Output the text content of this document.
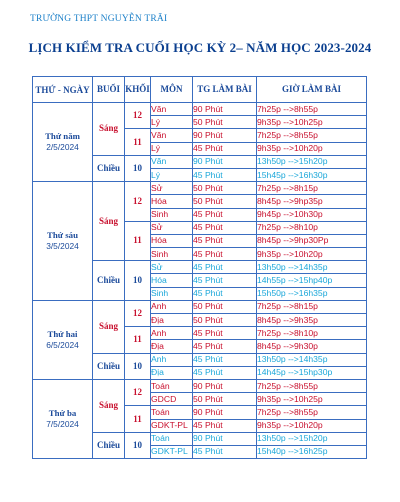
TRƯỜNG THPT NGUYỄN TRÃI
LỊCH KIỂM TRA CUỐI HỌC KỲ 2– NĂM HỌC 2023-2024
THỨ - NGÀY	BUỔI	KHỐI	MÔN	TG LÀM BÀI	GIỜ LÀM BÀI

Thứ năm
2/5/2024	Sáng	12	Văn	90 Phút	7h25p -->8h55p
			Lý	50 Phút	9h35p -->10h25p
		11	Văn	90 Phút	7h25p -->8h55p
			Lý	45 Phút	9h35p -->10h20p
	Chiều	10	Văn	90 Phút	13h50p -->15h20p
			Lý	45 Phút	15h45p -->16h30p

Thứ sáu
3/5/2024	Sáng	12	Sử	50 Phút	7h25p -->8h15p
			Hóa	50 Phút	8h45p -->9hp35p
			Sinh	45 Phút	9h45p -->10h30p
		11	Sử	45 Phút	7h25p -->8h10p
			Hóa	45 Phút	8h45p -->9hp30Pp
			Sinh	45 Phút	9h35p -->10h20p
	Chiều	10	Sử	45 Phút	13h50p -->14h35p
			Hóa	45 Phút	14h55p -->15hp40p
			Sinh	45 Phút	15h50p -->16h35p

Thứ hai
6/5/2024	Sáng	12	Anh	50 Phút	7h25p -->8h15p
			Địa	50 Phút	8h45p -->9h35p
		11	Anh	45 Phút	7h25p -->8h10p
			Địa	45 Phút	8h45p -->9h30p
	Chiều	10	Anh	45 Phút	13h50p -->14h35p
			Địa	45 Phút	14h45p -->15hp30p

Thứ ba
7/5/2024	Sáng	12	Toán	90 Phút	7h25p -->8h55p
			GDCD	50 Phút	9h35p -->10h25p
		11	Toán	90 Phút	7h25p -->8h55p
			GDKT-PL	45 Phút	9h35p -->10h20p
	Chiều	10	Toán	90 Phút	13h50p -->15h20p
			GDKT-PL	45 Phút	15h40p -->16h25p
